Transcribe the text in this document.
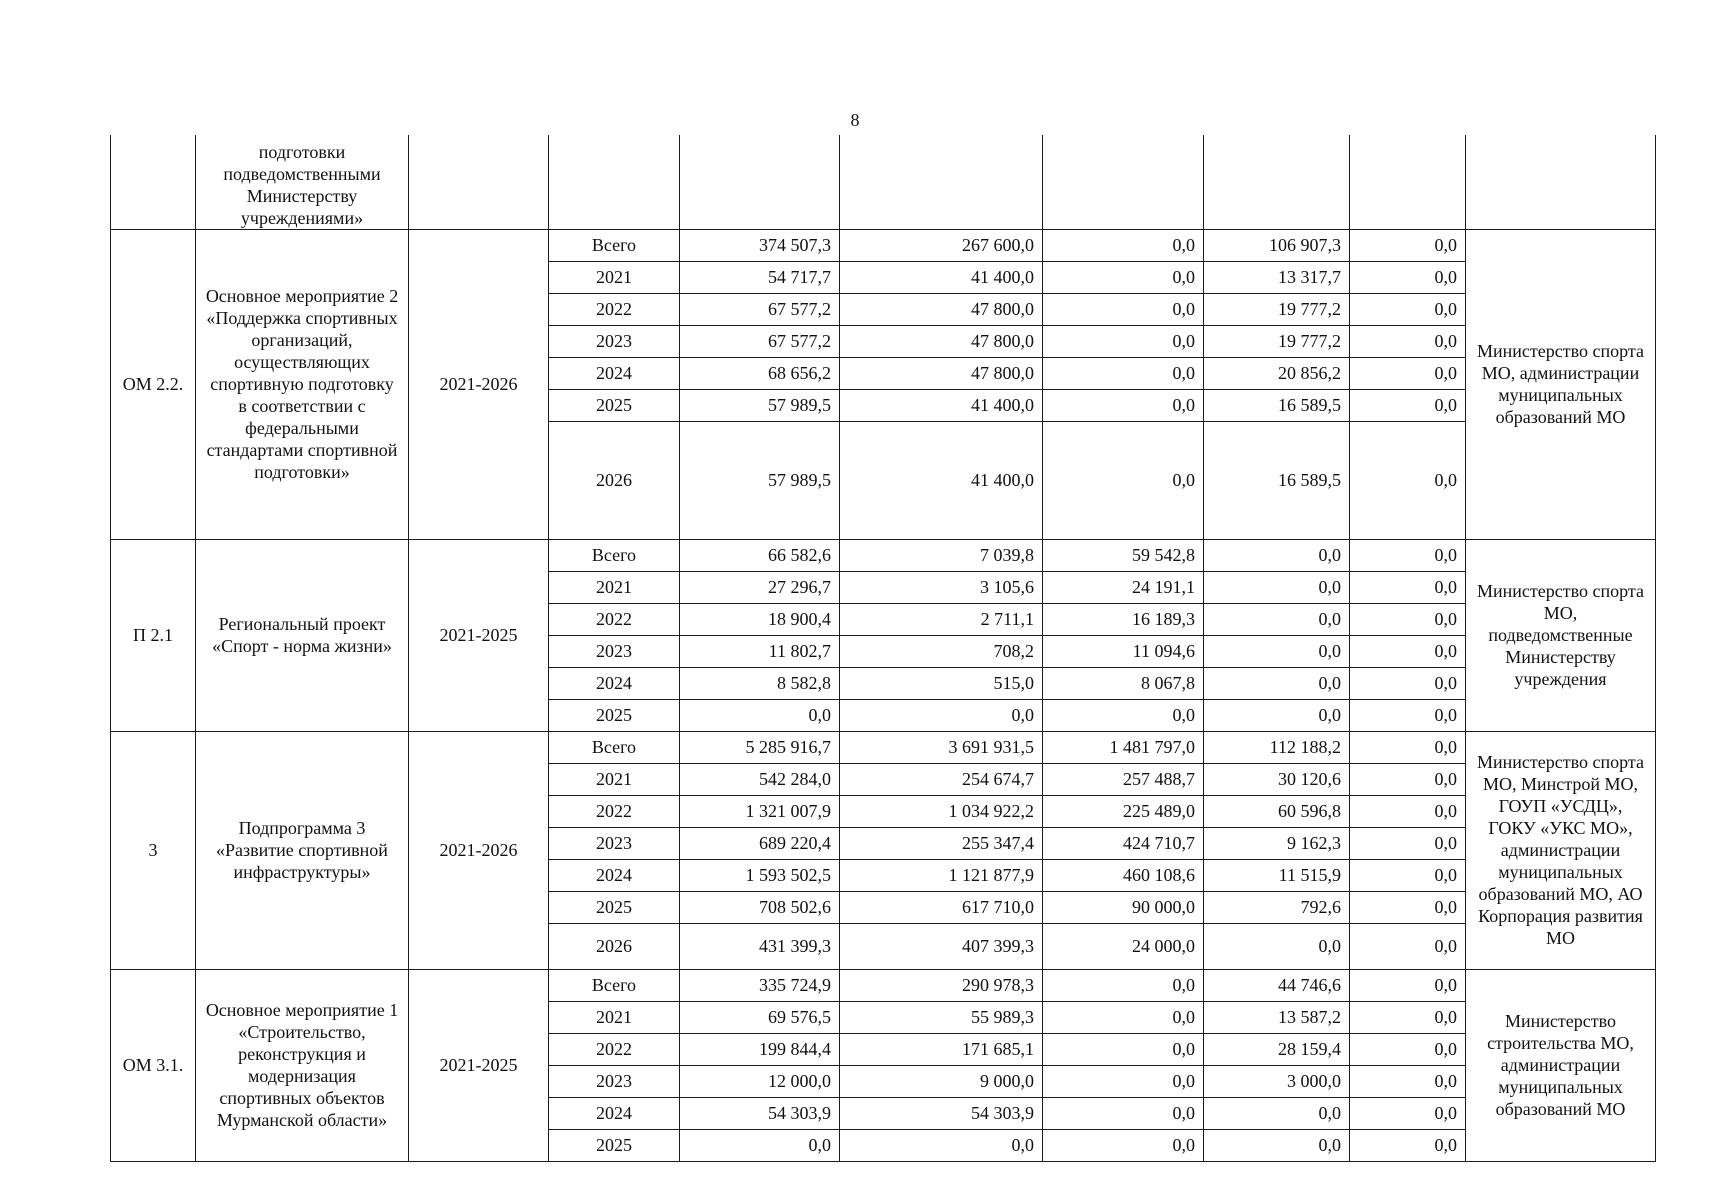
8
	подготовки подведомственными Министерству учреждениями»								
ОМ 2.2.	Основное мероприятие 2 «Поддержка спортивных организаций, осуществляющих спортивную подготовку в соответствии с федеральными стандартами спортивной подготовки»	2021-2026	Всего	374 507,3	267 600,0	0,0	106 907,3	0,0	Министерство спорта МО, администрации муниципальных образований МО
			2021	54 717,7	41 400,0	0,0	13 317,7	0,0	
			2022	67 577,2	47 800,0	0,0	19 777,2	0,0	
			2023	67 577,2	47 800,0	0,0	19 777,2	0,0	
			2024	68 656,2	47 800,0	0,0	20 856,2	0,0	
			2025	57 989,5	41 400,0	0,0	16 589,5	0,0	
			2026	57 989,5	41 400,0	0,0	16 589,5	0,0	
П 2.1	Региональный проект «Спорт - норма жизни»	2021-2025	Всего	66 582,6	7 039,8	59 542,8	0,0	0,0	Министерство спорта МО, подведомственные Министерству учреждения
			2021	27 296,7	3 105,6	24 191,1	0,0	0,0	
			2022	18 900,4	2 711,1	16 189,3	0,0	0,0	
			2023	11 802,7	708,2	11 094,6	0,0	0,0	
			2024	8 582,8	515,0	8 067,8	0,0	0,0	
			2025	0,0	0,0	0,0	0,0	0,0	
3	Подпрограмма 3 «Развитие спортивной инфраструктуры»	2021-2026	Всего	5 285 916,7	3 691 931,5	1 481 797,0	112 188,2	0,0	Министерство спорта МО, Минстрой МО, ГОУП «УСДЦ», ГОКУ «УКС МО», администрации муниципальных образований МО, АО Корпорация развития МО
			2021	542 284,0	254 674,7	257 488,7	30 120,6	0,0	
			2022	1 321 007,9	1 034 922,2	225 489,0	60 596,8	0,0	
			2023	689 220,4	255 347,4	424 710,7	9 162,3	0,0	
			2024	1 593 502,5	1 121 877,9	460 108,6	11 515,9	0,0	
			2025	708 502,6	617 710,0	90 000,0	792,6	0,0	
			2026	431 399,3	407 399,3	24 000,0	0,0	0,0	
ОМ 3.1.	Основное мероприятие 1 «Строительство, реконструкция и модернизация спортивных объектов Мурманской области»	2021-2025	Всего	335 724,9	290 978,3	0,0	44 746,6	0,0	Министерство строительства МО, администрации муниципальных образований МО
			2021	69 576,5	55 989,3	0,0	13 587,2	0,0	
			2022	199 844,4	171 685,1	0,0	28 159,4	0,0	
			2023	12 000,0	9 000,0	0,0	3 000,0	0,0	
			2024	54 303,9	54 303,9	0,0	0,0	0,0	
			2025	0,0	0,0	0,0	0,0	0,0	
